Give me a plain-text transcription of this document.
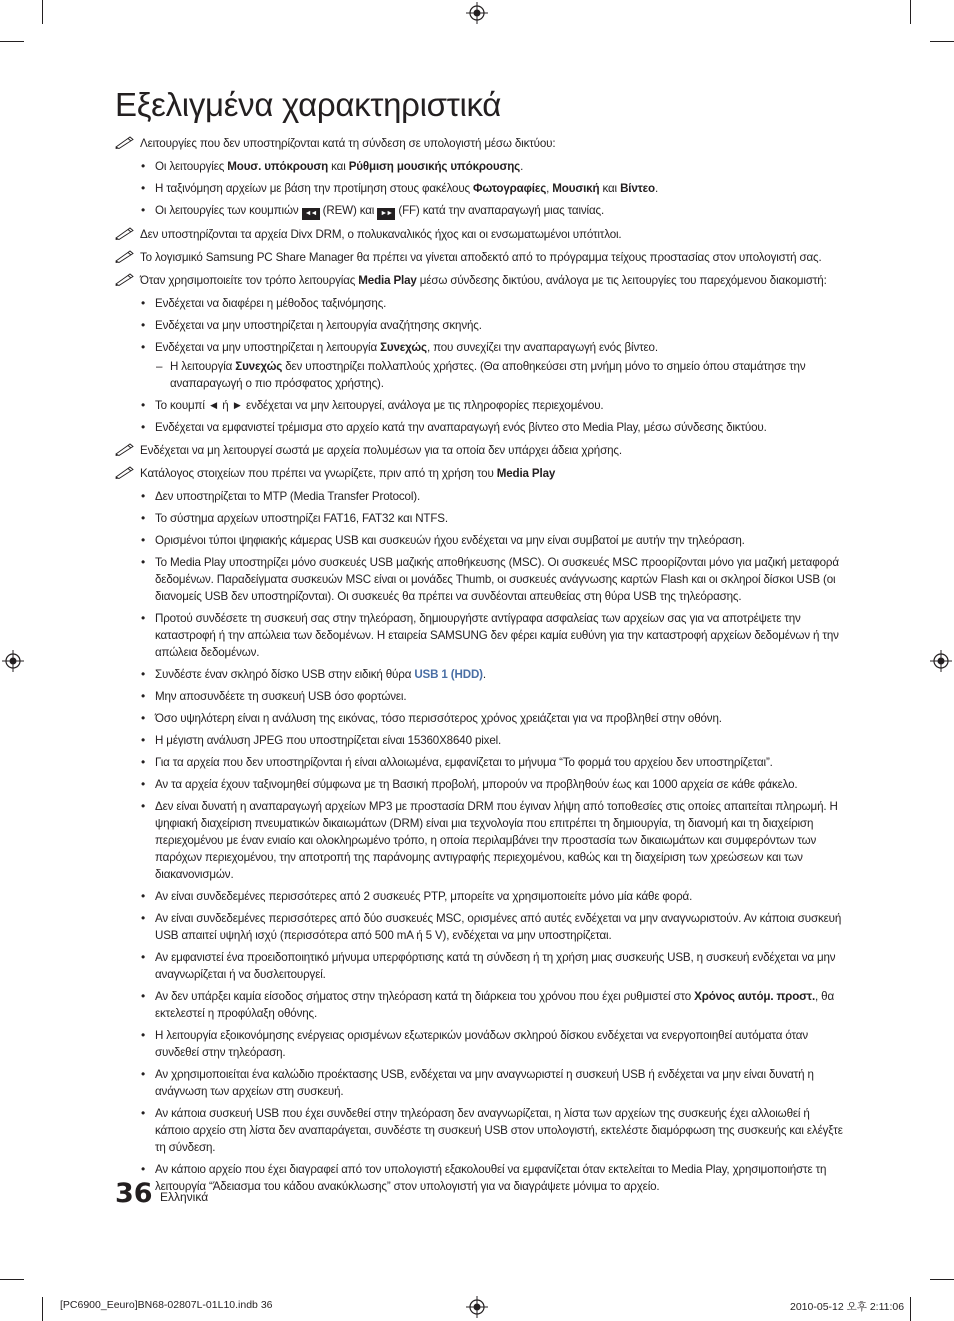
Εξελιγμένα χαρακτηριστικά
Λειτουργίες που δεν υποστηρίζονται κατά τη σύνδεση σε υπολογιστή μέσω δικτύου:
• Οι λειτουργίες Μουσ. υπόκρουση και Ρύθμιση μουσικής υπόκρουσης.
• Η ταξινόμηση αρχείων με βάση την προτίμηση στους φακέλους Φωτογραφίες, Μουσική και Βίντεο.
• Οι λειτουργίες των κουμπιών ◄◄ (REW) και ►► (FF) κατά την αναπαραγωγή μιας ταινίας.
Δεν υποστηρίζονται τα αρχεία Divx DRM, ο πολυκαναλικός ήχος και οι ενσωματωμένοι υπότιτλοι.
Το λογισμικό Samsung PC Share Manager θα πρέπει να γίνεται αποδεκτό από το πρόγραμμα τείχους προστασίας στον υπολογιστή σας.
Όταν χρησιμοποιείτε τον τρόπο λειτουργίας Media Play μέσω σύνδεσης δικτύου, ανάλογα με τις λειτουργίες του παρεχόμενου διακομιστή:
• Ενδέχεται να διαφέρει η μέθοδος ταξινόμησης.
• Ενδέχεται να μην υποστηρίζεται η λειτουργία αναζήτησης σκηνής.
• Ενδέχεται να μην υποστηρίζεται η λειτουργία Συνεχώς, που συνεχίζει την αναπαραγωγή ενός βίντεο.
– Η λειτουργία Συνεχώς δεν υποστηρίζει πολλαπλούς χρήστες. (Θα αποθηκεύσει στη μνήμη μόνο το σημείο όπου σταμάτησε την αναπαραγωγή ο πιο πρόσφατος χρήστης).
• Το κουμπί ◄ ή ► ενδέχεται να μην λειτουργεί, ανάλογα με τις πληροφορίες περιεχομένου.
• Ενδέχεται να εμφανιστεί τρέμισμα στο αρχείο κατά την αναπαραγωγή ενός βίντεο στο Media Play, μέσω σύνδεσης δικτύου.
Ενδέχεται να μη λειτουργεί σωστά με αρχεία πολυμέσων για τα οποία δεν υπάρχει άδεια χρήσης.
Κατάλογος στοιχείων που πρέπει να γνωρίζετε, πριν από τη χρήση του Media Play
• Δεν υποστηρίζεται το MTP (Media Transfer Protocol).
• Το σύστημα αρχείων υποστηρίζει FAT16, FAT32 και NTFS.
• Ορισμένοι τύποι ψηφιακής κάμερας USB και συσκευών ήχου ενδέχεται να μην είναι συμβατοί με αυτήν την τηλεόραση.
• Το Media Play υποστηρίζει μόνο συσκευές USB μαζικής αποθήκευσης (MSC). Οι συσκευές MSC προορίζονται μόνο για μαζική μεταφορά δεδομένων. Παραδείγματα συσκευών MSC είναι οι μονάδες Thumb, οι συσκευές ανάγνωσης καρτών Flash και οι σκληροί δίσκοι USB (οι διανομείς USB δεν υποστηρίζονται). Οι συσκευές θα πρέπει να συνδέονται απευθείας στη θύρα USB της τηλεόρασης.
• Προτού συνδέσετε τη συσκευή σας στην τηλεόραση, δημιουργήστε αντίγραφα ασφαλείας των αρχείων σας για να αποτρέψετε την καταστροφή ή την απώλεια των δεδομένων. Η εταιρεία SAMSUNG δεν φέρει καμία ευθύνη για την καταστροφή αρχείων δεδομένων ή την απώλεια δεδομένων.
• Συνδέστε έναν σκληρό δίσκο USB στην ειδική θύρα USB 1 (HDD).
• Μην αποσυνδέετε τη συσκευή USB όσο φορτώνει.
• Όσο υψηλότερη είναι η ανάλυση της εικόνας, τόσο περισσότερος χρόνος χρειάζεται για να προβληθεί στην οθόνη.
• Η μέγιστη ανάλυση JPEG που υποστηρίζεται είναι 15360X8640 pixel.
• Για τα αρχεία που δεν υποστηρίζονται ή είναι αλλοιωμένα, εμφανίζεται το μήνυμα “Το φορμά του αρχείου δεν υποστηρίζεται”.
• Αν τα αρχεία έχουν ταξινομηθεί σύμφωνα με τη Βασική προβολή, μπορούν να προβληθούν έως και 1000 αρχεία σε κάθε φάκελο.
• Δεν είναι δυνατή η αναπαραγωγή αρχείων MP3 με προστασία DRM που έγιναν λήψη από τοποθεσίες στις οποίες απαιτείται πληρωμή. Η ψηφιακή διαχείριση πνευματικών δικαιωμάτων (DRM) είναι μια τεχνολογία που επιτρέπει τη δημιουργία, τη διανομή και τη διαχείριση περιεχομένου με έναν ενιαίο και ολοκληρωμένο τρόπο, η οποία περιλαμβάνει την προστασία των δικαιωμάτων και συμφερόντων των παρόχων περιεχομένου, την αποτροπή της παράνομης αντιγραφής περιεχομένου, καθώς και τη διαχείριση των χρεώσεων και των διακανονισμών.
• Αν είναι συνδεδεμένες περισσότερες από 2 συσκευές PTP, μπορείτε να χρησιμοποιείτε μόνο μία κάθε φορά.
• Αν είναι συνδεδεμένες περισσότερες από δύο συσκευές MSC, ορισμένες από αυτές ενδέχεται να μην αναγνωριστούν. Αν κάποια συσκευή USB απαιτεί υψηλή ισχύ (περισσότερα από 500 mA ή 5 V), ενδέχεται να μην υποστηρίζεται.
• Αν εμφανιστεί ένα προειδοποιητικό μήνυμα υπερφόρτισης κατά τη σύνδεση ή τη χρήση μιας συσκευής USB, η συσκευή ενδέχεται να μην αναγνωρίζεται ή να δυσλειτουργεί.
• Αν δεν υπάρξει καμία είσοδος σήματος στην τηλεόραση κατά τη διάρκεια του χρόνου που έχει ρυθμιστεί στο Χρόνος αυτόμ. προστ., θα εκτελεστεί η προφύλαξη οθόνης.
• Η λειτουργία εξοικονόμησης ενέργειας ορισμένων εξωτερικών μονάδων σκληρού δίσκου ενδέχεται να ενεργοποιηθεί αυτόματα όταν συνδεθεί στην τηλεόραση.
• Αν χρησιμοποιείται ένα καλώδιο προέκτασης USB, ενδέχεται να μην αναγνωριστεί η συσκευή USB ή ενδέχεται να μην είναι δυνατή η ανάγνωση των αρχείων στη συσκευή.
• Αν κάποια συσκευή USB που έχει συνδεθεί στην τηλεόραση δεν αναγνωρίζεται, η λίστα των αρχείων της συσκευής έχει αλλοιωθεί ή κάποιο αρχείο στη λίστα δεν αναπαράγεται, συνδέστε τη συσκευή USB στον υπολογιστή, εκτελέστε διαμόρφωση της συσκευής και ελέγξτε τη σύνδεση.
• Αν κάποιο αρχείο που έχει διαγραφεί από τον υπολογιστή εξακολουθεί να εμφανίζεται όταν εκτελείται το Media Play, χρησιμοποιήστε τη λειτουργία “Άδειασμα του κάδου ανακύκλωσης” στον υπολογιστή για να διαγράψετε μόνιμα το αρχείο.
36 Ελληνικά
[PC6900_Eeuro]BN68-02807L-01L10.indb 36	2010-05-12 오후 2:11:06
